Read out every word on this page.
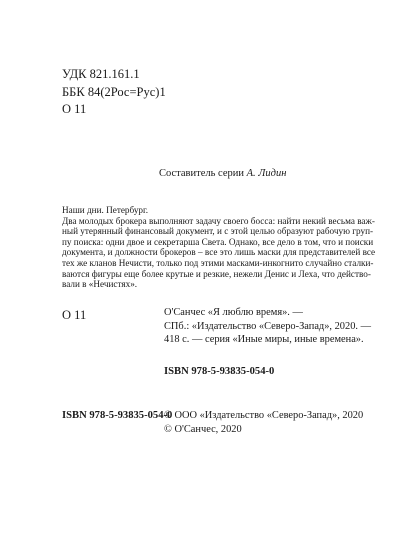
УДК 821.161.1
ББК 84(2Рос=Рус)1
О 11

Составитель серии А. Лидин

Наши дни. Петербург.
Два молодых брокера выполняют задачу своего босса: найти некий весьма важ-
ный утерянный финансовый документ, и с этой целью образуют рабочую груп-
пу поиска: одни двое и секретарша Света. Однако, все дело в том, что и поиски
документа, и должности брокеров – все это лишь маски для представителей все
тех же кланов Нечисти, только под этими масками-инкогнито случайно сталки-
ваются фигуры еще более крутые и резкие, нежели Денис и Леха, что действо-
вали в «Нечистях».
О 11	О'Санчес «Я люблю время». —
СПб.: «Издательство «Северо-Запад», 2020. —
418 с. — серия «Иные миры, иные времена».
ISBN 978-5-93835-054-0
ISBN 978-5-93835-054-0
© ООО «Издательство «Северо-Запад», 2020
© О'Санчес, 2020
